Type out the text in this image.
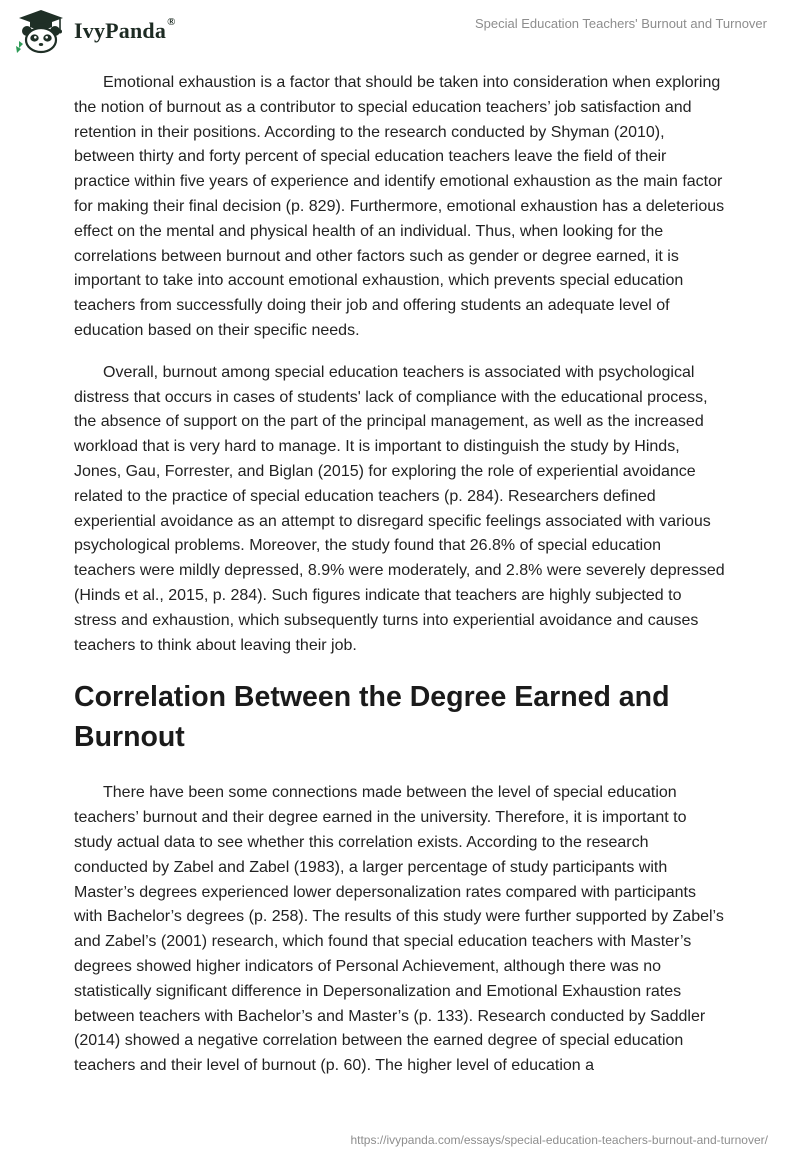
IvyPanda®	Special Education Teachers' Burnout and Turnover

Emotional exhaustion is a factor that should be taken into consideration when exploring the notion of burnout as a contributor to special education teachers’ job satisfaction and retention in their positions. According to the research conducted by Shyman (2010), between thirty and forty percent of special education teachers leave the field of their practice within five years of experience and identify emotional exhaustion as the main factor for making their final decision (p. 829). Furthermore, emotional exhaustion has a deleterious effect on the mental and physical health of an individual. Thus, when looking for the correlations between burnout and other factors such as gender or degree earned, it is important to take into account emotional exhaustion, which prevents special education teachers from successfully doing their job and offering students an adequate level of education based on their specific needs.

Overall, burnout among special education teachers is associated with psychological distress that occurs in cases of students' lack of compliance with the educational process, the absence of support on the part of the principal management, as well as the increased workload that is very hard to manage. It is important to distinguish the study by Hinds, Jones, Gau, Forrester, and Biglan (2015) for exploring the role of experiential avoidance related to the practice of special education teachers (p. 284). Researchers defined experiential avoidance as an attempt to disregard specific feelings associated with various psychological problems. Moreover, the study found that 26.8% of special education teachers were mildly depressed, 8.9% were moderately, and 2.8% were severely depressed (Hinds et al., 2015, p. 284). Such figures indicate that teachers are highly subjected to stress and exhaustion, which subsequently turns into experiential avoidance and causes teachers to think about leaving their job.

Correlation Between the Degree Earned and Burnout

There have been some connections made between the level of special education teachers’ burnout and their degree earned in the university. Therefore, it is important to study actual data to see whether this correlation exists. According to the research conducted by Zabel and Zabel (1983), a larger percentage of study participants with Master’s degrees experienced lower depersonalization rates compared with participants with Bachelor’s degrees (p. 258). The results of this study were further supported by Zabel’s and Zabel’s (2001) research, which found that special education teachers with Master’s degrees showed higher indicators of Personal Achievement, although there was no statistically significant difference in Depersonalization and Emotional Exhaustion rates between teachers with Bachelor’s and Master’s (p. 133). Research conducted by Saddler (2014) showed a negative correlation between the earned degree of special education teachers and their level of burnout (p. 60). The higher level of education a

https://ivypanda.com/essays/special-education-teachers-burnout-and-turnover/
